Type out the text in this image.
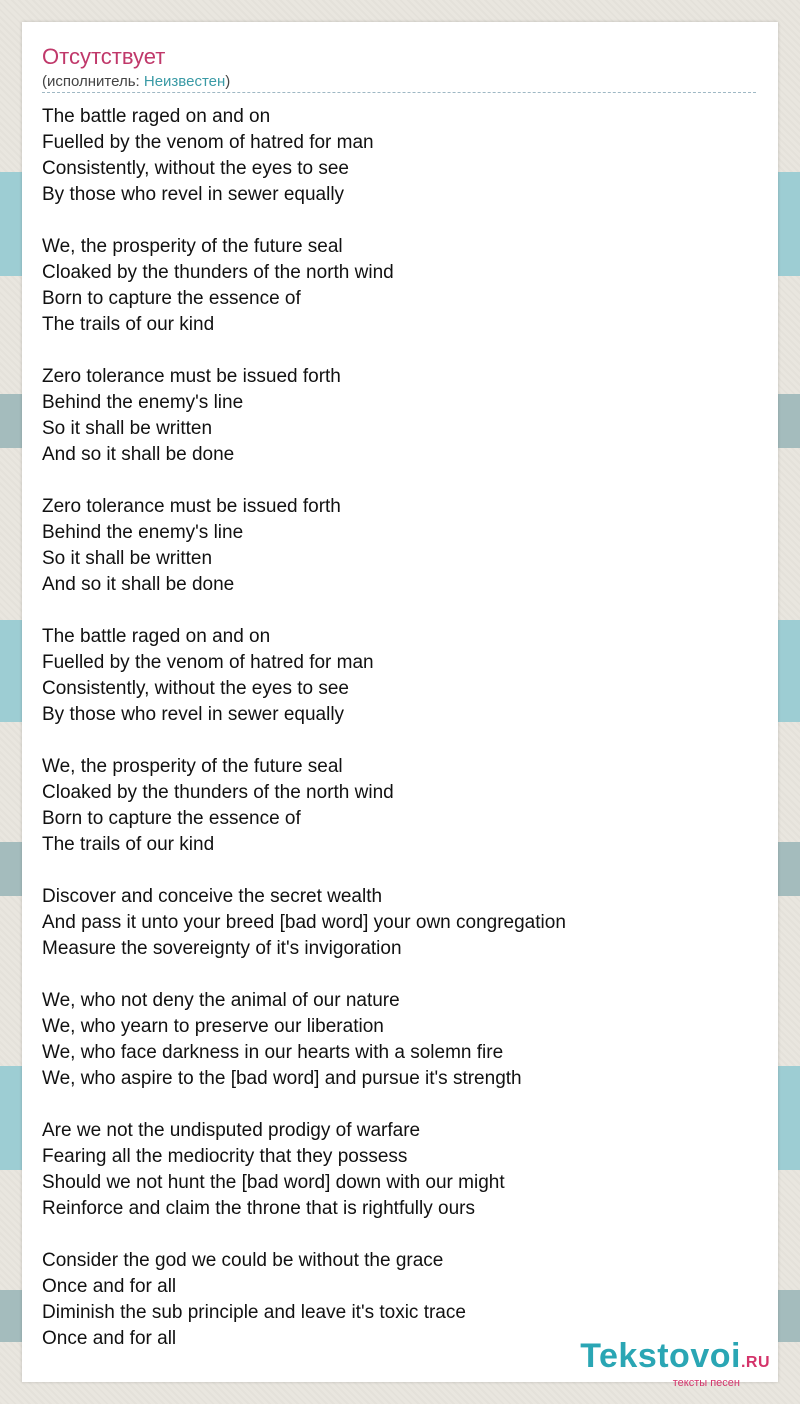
Отсутствует
(исполнитель: Неизвестен)
The battle raged on and on
Fuelled by the venom of hatred for man
Consistently, without the eyes to see
By those who revel in sewer equally
We, the prosperity of the future seal
Cloaked by the thunders of the north wind
Born to capture the essence of
The trails of our kind
Zero tolerance must be issued forth
Behind the enemy's line
So it shall be written
And so it shall be done
Zero tolerance must be issued forth
Behind the enemy's line
So it shall be written
And so it shall be done
The battle raged on and on
Fuelled by the venom of hatred for man
Consistently, without the eyes to see
By those who revel in sewer equally
We, the prosperity of the future seal
Cloaked by the thunders of the north wind
Born to capture the essence of
The trails of our kind
Discover and conceive the secret wealth
And pass it unto your breed [bad word] your own congregation
Measure the sovereignty of it's invigoration
We, who not deny the animal of our nature
We, who yearn to preserve our liberation
We, who face darkness in our hearts with a solemn fire
We, who aspire to the [bad word] and pursue it's strength
Are we not the undisputed prodigy of warfare
Fearing all the mediocrity that they possess
Should we not hunt the [bad word] down with our might
Reinforce and claim the throne that is rightfully ours
Consider the god we could be without the grace
Once and for all
Diminish the sub principle and leave it's toxic trace
Once and for all	Tekstovoi.RU
тексты песен
